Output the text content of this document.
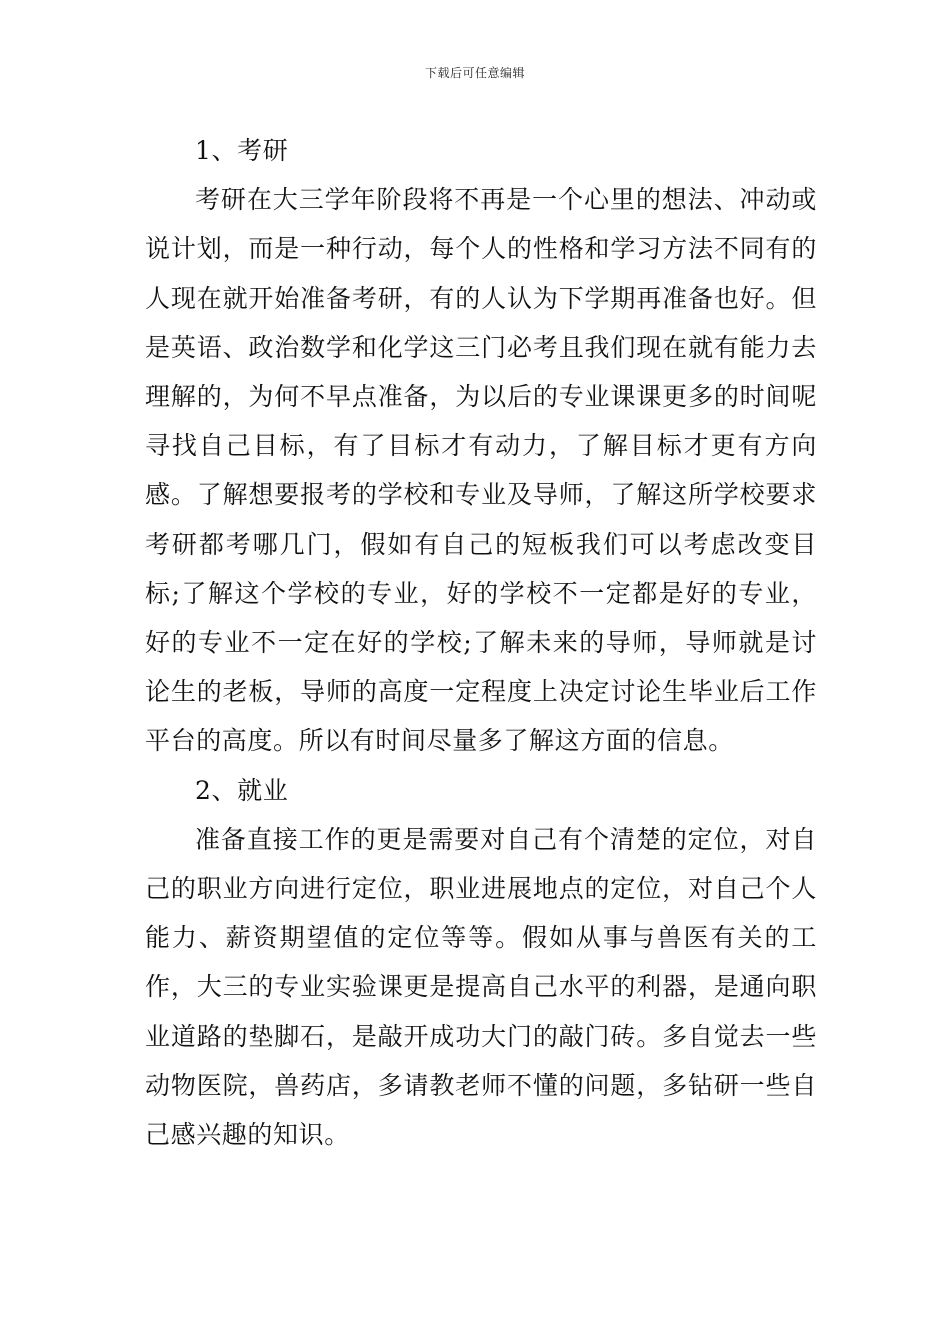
下载后可任意编辑

1、考研

考研在大三学年阶段将不再是一个心里的想法、冲动或说计划，而是一种行动，每个人的性格和学习方法不同有的人现在就开始准备考研，有的人认为下学期再准备也好。但是英语、政治数学和化学这三门必考且我们现在就有能力去理解的，为何不早点准备，为以后的专业课课更多的时间呢寻找自己目标，有了目标才有动力，了解目标才更有方向感。了解想要报考的学校和专业及导师，了解这所学校要求考研都考哪几门，假如有自己的短板我们可以考虑改变目标;了解这个学校的专业，好的学校不一定都是好的专业，好的专业不一定在好的学校;了解未来的导师，导师就是讨论生的老板，导师的高度一定程度上决定讨论生毕业后工作平台的高度。所以有时间尽量多了解这方面的信息。

2、就业

准备直接工作的更是需要对自己有个清楚的定位，对自己的职业方向进行定位，职业进展地点的定位，对自己个人能力、薪资期望值的定位等等。假如从事与兽医有关的工作，大三的专业实验课更是提高自己水平的利器，是通向职业道路的垫脚石，是敲开成功大门的敲门砖。多自觉去一些动物医院，兽药店，多请教老师不懂的问题，多钻研一些自己感兴趣的知识。
